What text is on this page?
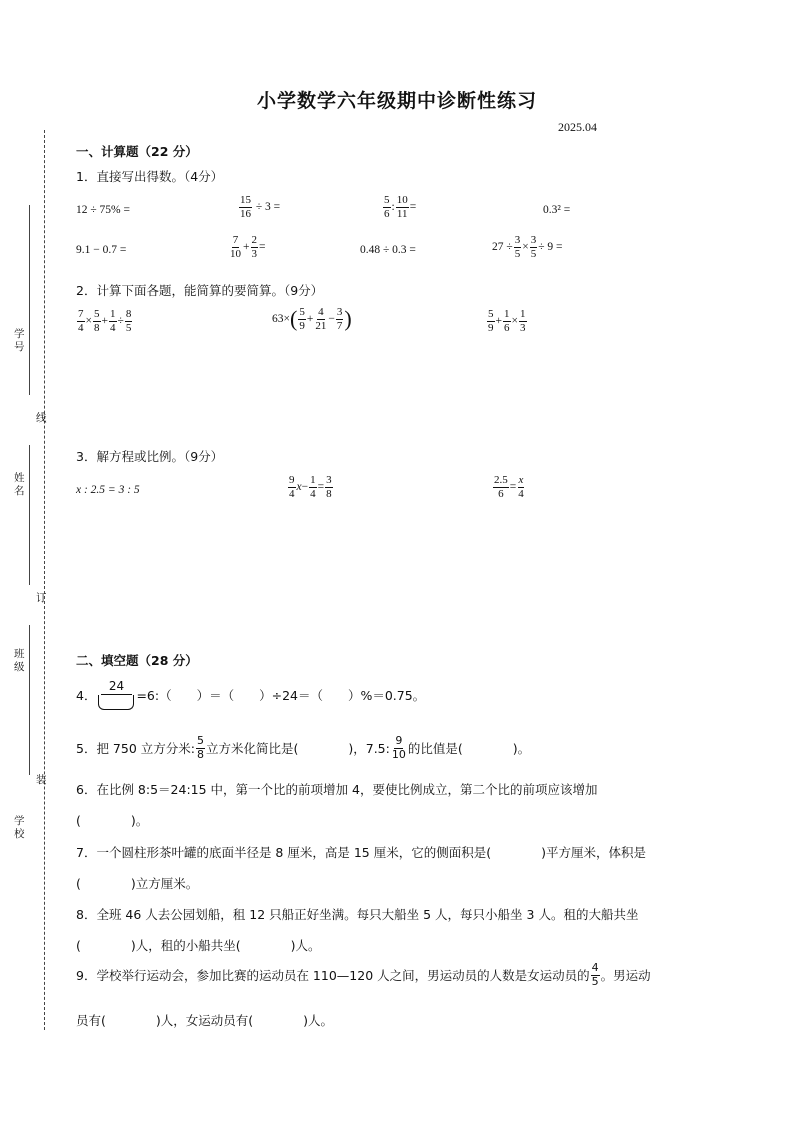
学号
线
姓名
订
班级
装
学校
小学数学六年级期中诊断性练习
2025.04
一、计算题（22 分）
1．直接写出得数。（4分）
12 ÷ 75% =	$\frac{15}{16} \div 3$ =	$\frac{5}{6}$ : $\frac{10}{11}$ =	0.3² =
9.1 − 0.7 =	$\frac{7}{10} + \frac{2}{3}$ =	0.48 ÷ 0.3 =	$27 \div \frac{3}{5} \times \frac{3}{5} \div 9$ =
2．计算下面各题，能简算的要简算。（9分）
$\frac{7}{4} \times \frac{5}{8} + \frac{1}{4} \div \frac{8}{5}$	$63\times( \frac{5}{9} + \frac{4}{21} - \frac{3}{7}$ )	$\frac{5}{9} + \frac{1}{6} \times \frac{1}{3}$
3．解方程或比例。（9分）
x : 2.5 = 3 : 5	$\frac{9}{4} x- \frac{1}{4} = \frac{3}{8}$	$\frac{2.5}{6} = \frac{x}{4}$
二、填空题（28 分）
4．
24
=6:（　　）＝（　　）÷24＝（　　）%＝0.75。
5．把 750 立方分米: $\frac{5}{8}$ 立方米化简比是(　　　　)，7.5: $\frac{9}{10}$ 的比值是(　　　　)。
6．在比例 8:5＝24:15 中，第一个比的前项增加 4，要使比例成立，第二个比的前项应该增加
(　　　　)。
7．一个圆柱形茶叶罐的底面半径是 8 厘米，高是 15 厘米，它的侧面积是(　　　　)平方厘米，体积是
(　　　　)立方厘米。
8．全班 46 人去公园划船，租 12 只船正好坐满。每只大船坐 5 人，每只小船坐 3 人。租的大船共坐
(　　　　)人，租的小船共坐(　　　　)人。
9．学校举行运动会，参加比赛的运动员在 110—120 人之间，男运动员的人数是女运动员的 $\frac{4}{5}$ 。男运动
员有(　　　　)人，女运动员有(　　　　)人。
